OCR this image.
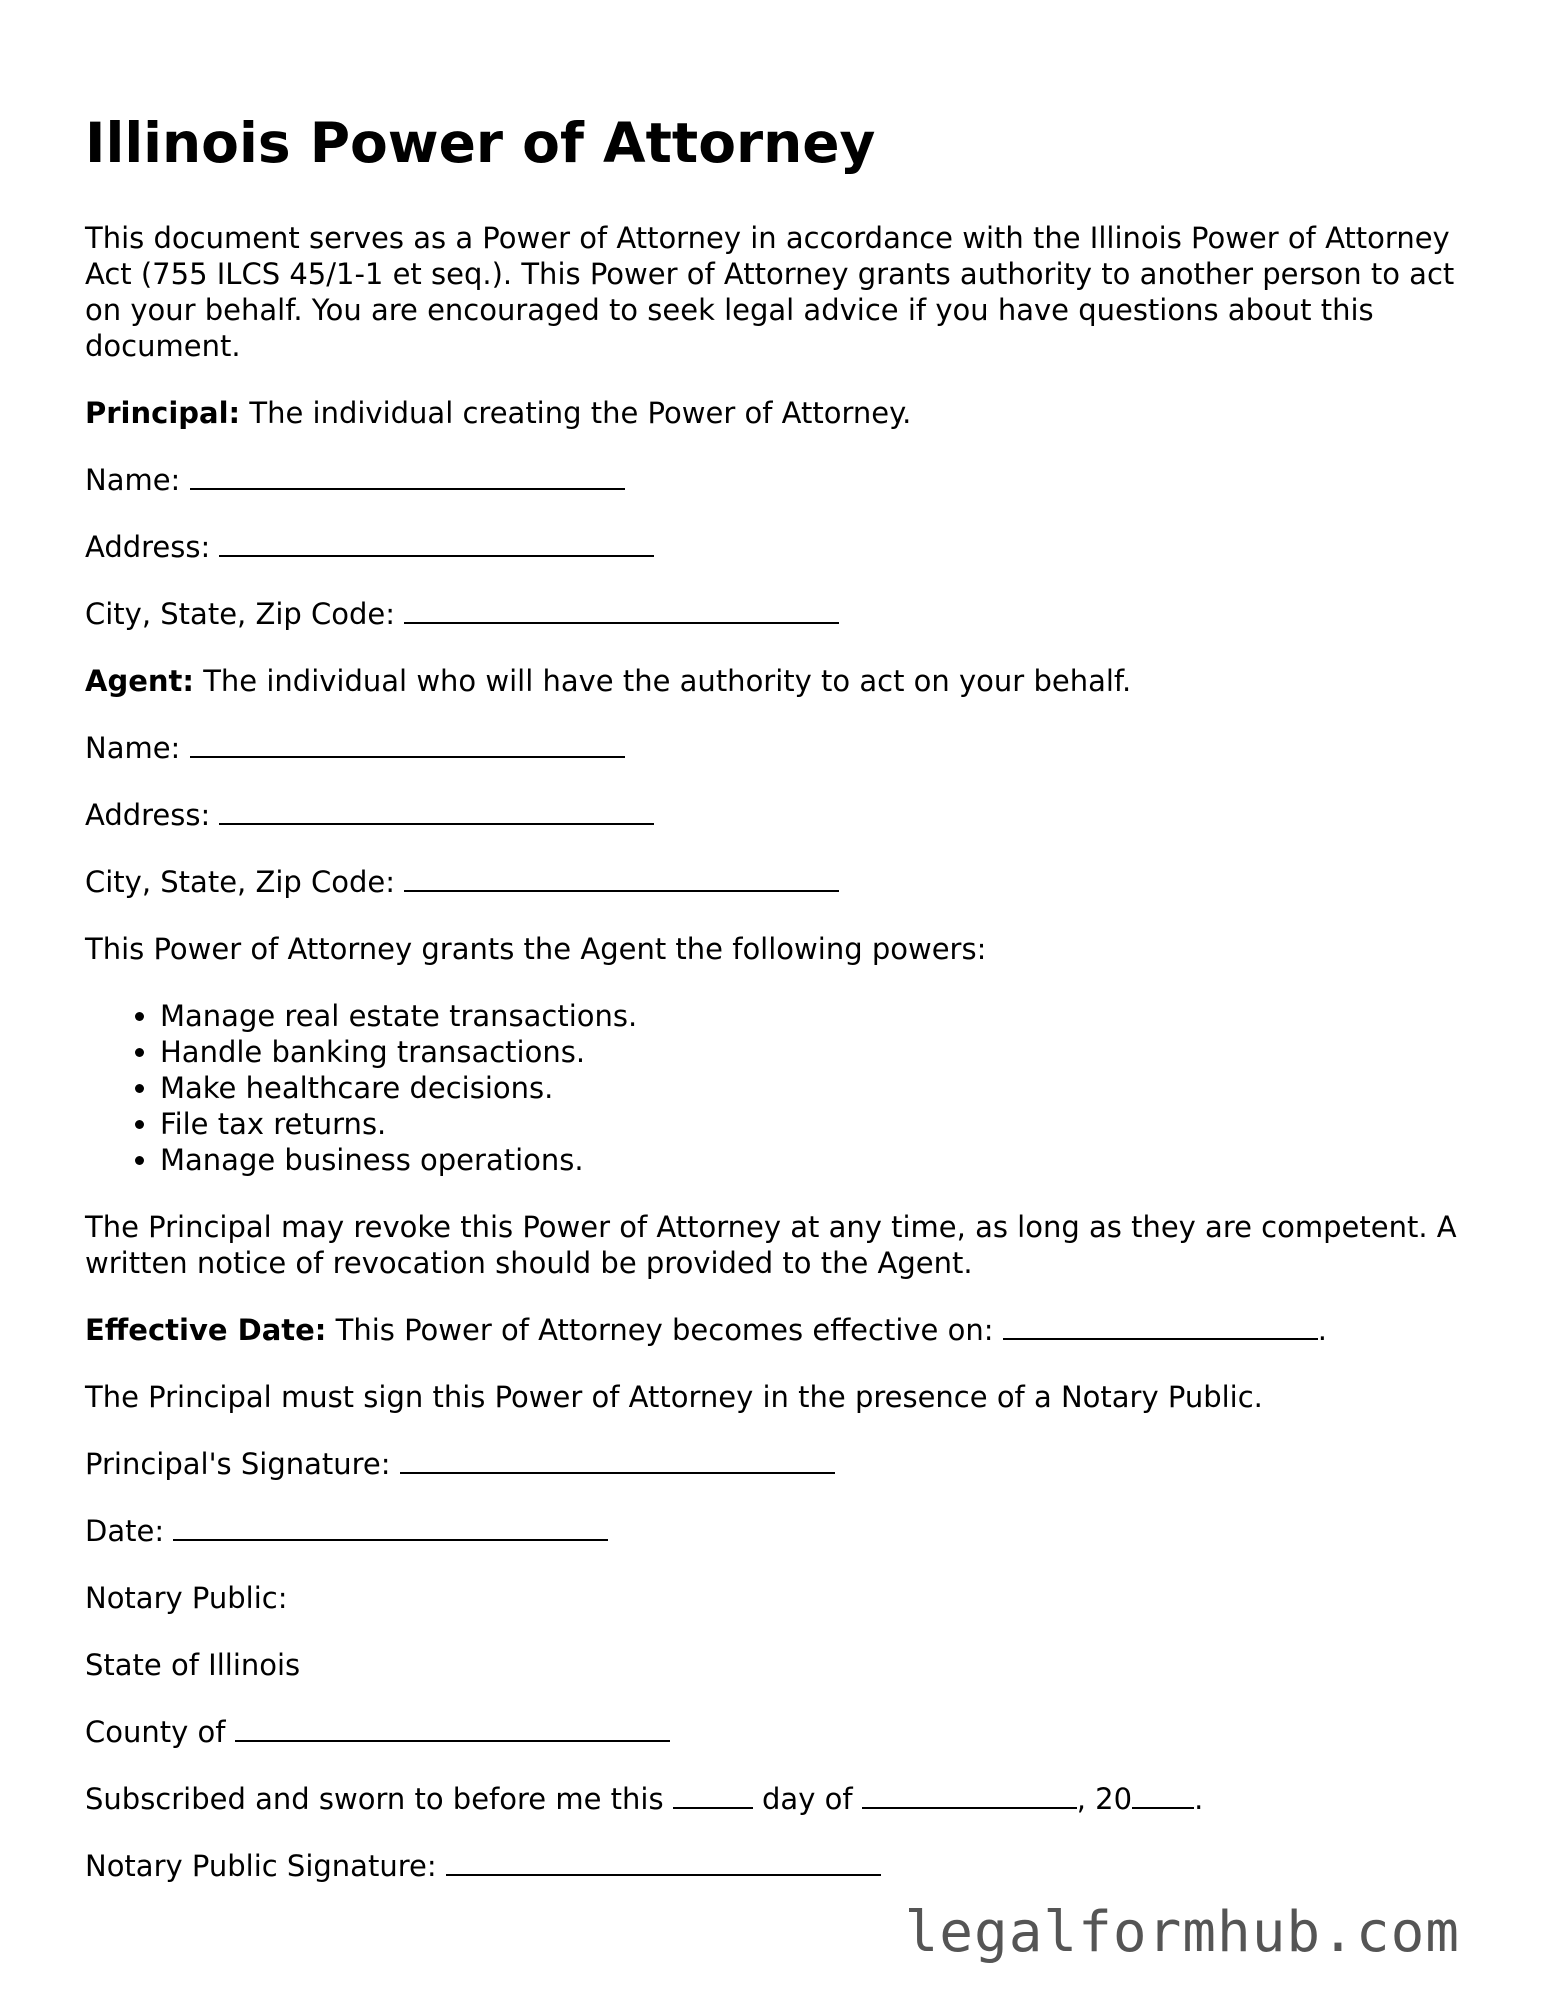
Illinois Power of Attorney

This document serves as a Power of Attorney in accordance with the Illinois Power of Attorney Act (755 ILCS 45/1-1 et seq.). This Power of Attorney grants authority to another person to act on your behalf. You are encouraged to seek legal advice if you have questions about this document.

Principal: The individual creating the Power of Attorney.

Name:

Address:

City, State, Zip Code:

Agent: The individual who will have the authority to act on your behalf.

Name:

Address:

City, State, Zip Code:

This Power of Attorney grants the Agent the following powers:

• Manage real estate transactions.
• Handle banking transactions.
• Make healthcare decisions.
• File tax returns.
• Manage business operations.

The Principal may revoke this Power of Attorney at any time, as long as they are competent. A written notice of revocation should be provided to the Agent.

Effective Date: This Power of Attorney becomes effective on:	.

The Principal must sign this Power of Attorney in the presence of a Notary Public.

Principal's Signature:

Date:

Notary Public:

State of Illinois

County of

Subscribed and sworn to before me this	day of	, 20 .

Notary Public Signature:

legalformhub.com
